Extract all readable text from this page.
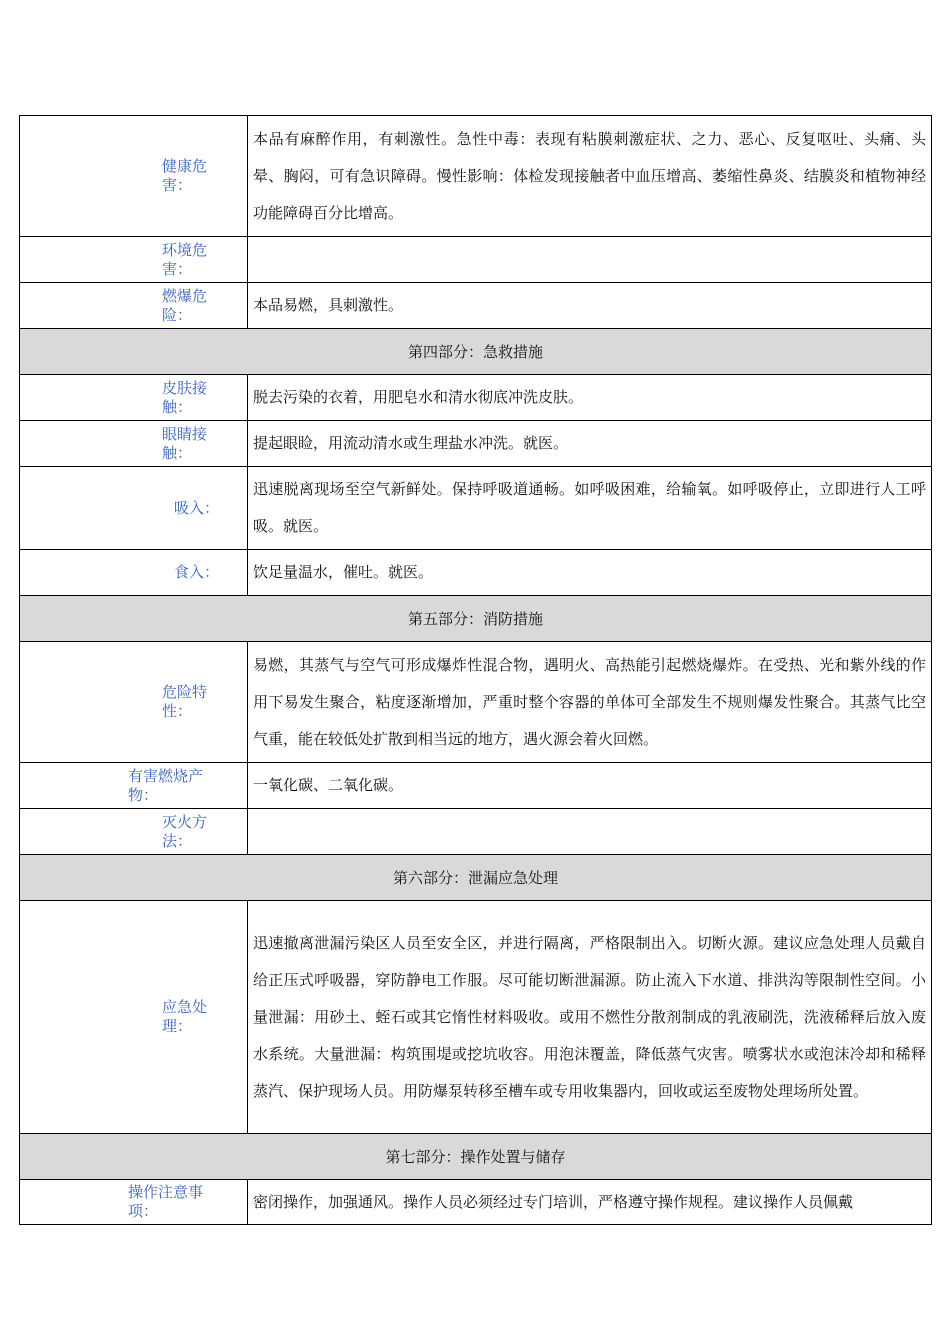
健康危害：	本品有麻醉作用，有刺激性。急性中毒：表现有粘膜刺激症状、之力、恶心、反复呕吐、头痛、头晕、胸闷，可有急识障碍。慢性影响：体检发现接触者中血压增高、萎缩性鼻炎、结膜炎和植物神经功能障碍百分比增高。

环境危害：	

燃爆危险：	本品易燃，具刺激性。
第四部分：急救措施	

皮肤接触：	脱去污染的衣着，用肥皂水和清水彻底冲洗皮肤。

眼睛接触：	提起眼睑，用流动清水或生理盐水冲洗。就医。

吸入：	迅速脱离现场至空气新鲜处。保持呼吸道通畅。如呼吸困难，给输氧。如呼吸停止，立即进行人工呼吸。就医。

食入：	饮足量温水，催吐。就医。
第五部分：消防措施	

危险特性：	易燃，其蒸气与空气可形成爆炸性混合物，遇明火、高热能引起燃烧爆炸。在受热、光和紫外线的作用下易发生聚合，粘度逐渐增加，严重时整个容器的单体可全部发生不规则爆发性聚合。其蒸气比空气重，能在较低处扩散到相当远的地方，遇火源会着火回燃。

有害燃烧产物：	一氧化碳、二氧化碳。

灭火方法：	

第六部分：泄漏应急处理	

应急处理：	迅速撤离泄漏污染区人员至安全区，并进行隔离，严格限制出入。切断火源。建议应急处理人员戴自给正压式呼吸器，穿防静电工作服。尽可能切断泄漏源。防止流入下水道、排洪沟等限制性空间。小量泄漏：用砂土、蛭石或其它惰性材料吸收。或用不燃性分散剂制成的乳液刷洗，洗液稀释后放入废水系统。大量泄漏：构筑围堤或挖坑收容。用泡沫覆盖，降低蒸气灾害。喷雾状水或泡沫冷却和稀释蒸汽、保护现场人员。用防爆泵转移至槽车或专用收集器内，回收或运至废物处理场所处置。
第七部分：操作处置与储存	

操作注意事项：	密闭操作，加强通风。操作人员必须经过专门培训，严格遵守操作规程。建议操作人员佩戴
